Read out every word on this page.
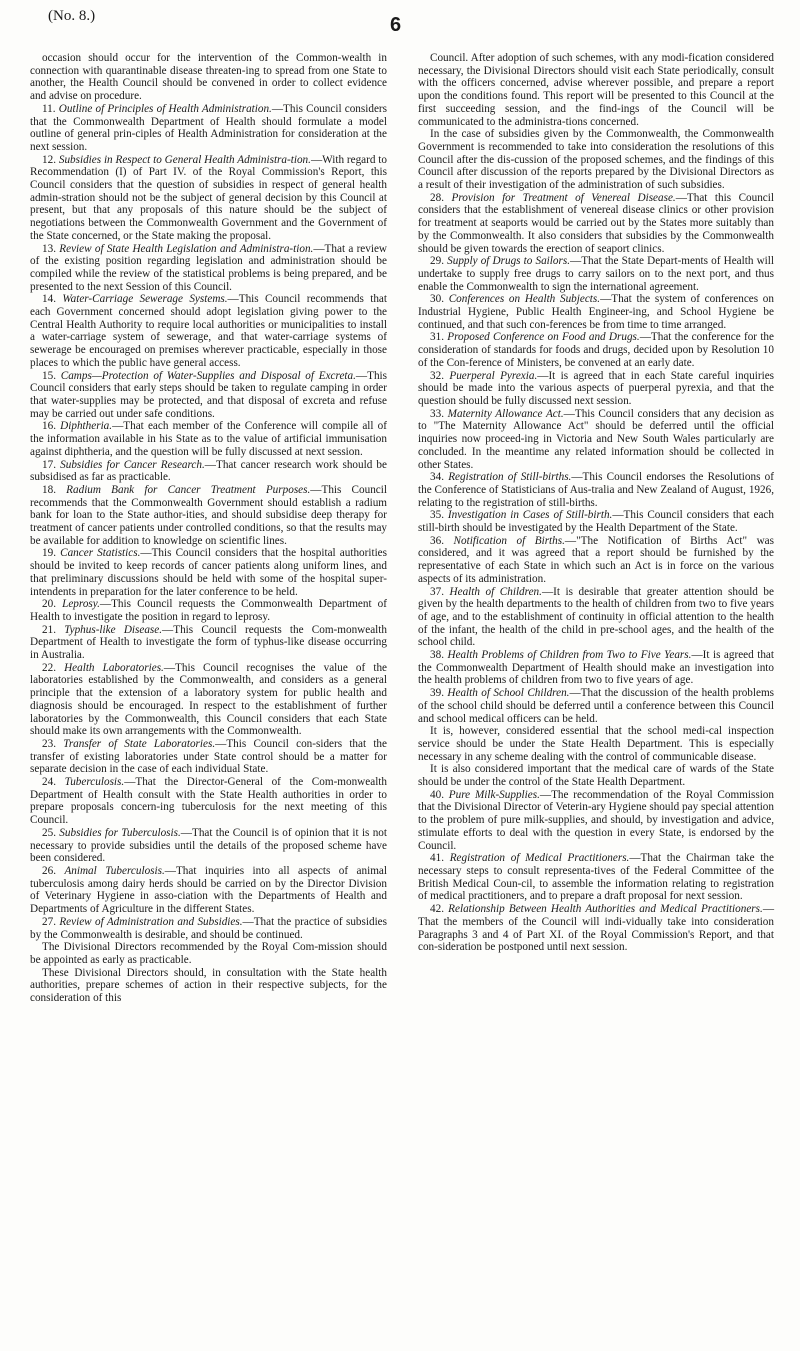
(No. 8.)	6

occasion should occur for the intervention of the Common-wealth in connection with quarantinable disease threaten-ing to spread from one State to another, the Health Council should be convened in order to collect evidence and advise on procedure.

11. Outline of Principles of Health Administration.—This Council considers that the Commonwealth Department of Health should formulate a model outline of general prin-ciples of Health Administration for consideration at the next session.

12. Subsidies in Respect to General Health Administra-tion.—With regard to Recommendation (I) of Part IV. of the Royal Commission's Report, this Council considers that the question of subsidies in respect of general health admin-stration should not be the subject of general decision by this Council at present, but that any proposals of this nature should be the subject of negotiations between the Commonwealth Government and the Government of the State concerned, or the State making the proposal.

13. Review of State Health Legislation and Administra-tion.—That a review of the existing position regarding legislation and administration should be compiled while the review of the statistical problems is being prepared, and be presented to the next Session of this Council.

14. Water-Carriage Sewerage Systems.—This Council recommends that each Government concerned should adopt legislation giving power to the Central Health Authority to require local authorities or municipalities to install a water-carriage system of sewerage, and that water-carriage systems of sewerage be encouraged on premises wherever practicable, especially in those places to which the public have general access.

15. Camps—Protection of Water-Supplies and Disposal of Excreta.—This Council considers that early steps should be taken to regulate camping in order that water-supplies may be protected, and that disposal of excreta and refuse may be carried out under safe conditions.

16. Diphtheria.—That each member of the Conference will compile all of the information available in his State as to the value of artificial immunisation against diphtheria, and the question will be fully discussed at next session.

17. Subsidies for Cancer Research.—That cancer research work should be subsidised as far as practicable.

18. Radium Bank for Cancer Treatment Purposes.—This Council recommends that the Commonwealth Government should establish a radium bank for loan to the State author-ities, and should subsidise deep therapy for treatment of cancer patients under controlled conditions, so that the results may be available for addition to knowledge on scientific lines.

19. Cancer Statistics.—This Council considers that the hospital authorities should be invited to keep records of cancer patients along uniform lines, and that preliminary discussions should be held with some of the hospital super-intendents in preparation for the later conference to be held.

20. Leprosy.—This Council requests the Commonwealth Department of Health to investigate the position in regard to leprosy.

21. Typhus-like Disease.—This Council requests the Com-monwealth Department of Health to investigate the form of typhus-like disease occurring in Australia.

22. Health Laboratories.—This Council recognises the value of the laboratories established by the Commonwealth, and considers as a general principle that the extension of a laboratory system for public health and diagnosis should be encouraged. In respect to the establishment of further laboratories by the Commonwealth, this Council considers that each State should make its own arrangements with the Commonwealth.

23. Transfer of State Laboratories.—This Council con-siders that the transfer of existing laboratories under State control should be a matter for separate decision in the case of each individual State.

24. Tuberculosis.—That the Director-General of the Com-monwealth Department of Health consult with the State Health authorities in order to prepare proposals concern-ing tuberculosis for the next meeting of this Council.

25. Subsidies for Tuberculosis.—That the Council is of opinion that it is not necessary to provide subsidies until the details of the proposed scheme have been considered.

26. Animal Tuberculosis.—That inquiries into all aspects of animal tuberculosis among dairy herds should be carried on by the Director Division of Veterinary Hygiene in asso-ciation with the Departments of Health and Departments of Agriculture in the different States.

27. Review of Administration and Subsidies.—That the practice of subsidies by the Commonwealth is desirable, and should be continued.

The Divisional Directors recommended by the Royal Com-mission should be appointed as early as practicable.

These Divisional Directors should, in consultation with the State health authorities, prepare schemes of action in their respective subjects, for the consideration of this

Council. After adoption of such schemes, with any modi-fication considered necessary, the Divisional Directors should visit each State periodically, consult with the officers concerned, advise wherever possible, and prepare a report upon the conditions found. This report will be presented to this Council at the first succeeding session, and the find-ings of the Council will be communicated to the administra-tions concerned.

In the case of subsidies given by the Commonwealth, the Commonwealth Government is recommended to take into consideration the resolutions of this Council after the dis-cussion of the proposed schemes, and the findings of this Council after discussion of the reports prepared by the Divisional Directors as a result of their investigation of the administration of such subsidies.

28. Provision for Treatment of Venereal Disease.—That this Council considers that the establishment of venereal disease clinics or other provision for treatment at seaports would be carried out by the States more suitably than by the Commonwealth. It also considers that subsidies by the Commonwealth should be given towards the erection of seaport clinics.

29. Supply of Drugs to Sailors.—That the State Depart-ments of Health will undertake to supply free drugs to carry sailors on to the next port, and thus enable the Commonwealth to sign the international agreement.

30. Conferences on Health Subjects.—That the system of conferences on Industrial Hygiene, Public Health Engineer-ing, and School Hygiene be continued, and that such con-ferences be from time to time arranged.

31. Proposed Conference on Food and Drugs.—That the conference for the consideration of standards for foods and drugs, decided upon by Resolution 10 of the Con-ference of Ministers, be convened at an early date.

32. Puerperal Pyrexia.—It is agreed that in each State careful inquiries should be made into the various aspects of puerperal pyrexia, and that the question should be fully discussed next session.

33. Maternity Allowance Act.—This Council considers that any decision as to "The Maternity Allowance Act" should be deferred until the official inquiries now proceed-ing in Victoria and New South Wales particularly are concluded. In the meantime any related information should be collected in other States.

34. Registration of Still-births.—This Council endorses the Resolutions of the Conference of Statisticians of Aus-tralia and New Zealand of August, 1926, relating to the registration of still-births.

35. Investigation in Cases of Still-birth.—This Council considers that each still-birth should be investigated by the Health Department of the State.

36. Notification of Births.—"The Notification of Births Act" was considered, and it was agreed that a report should be furnished by the representative of each State in which such an Act is in force on the various aspects of its administration.

37. Health of Children.—It is desirable that greater attention should be given by the health departments to the health of children from two to five years of age, and to the establishment of continuity in official attention to the health of the infant, the health of the child in pre-school ages, and the health of the school child.

38. Health Problems of Children from Two to Five Years.—It is agreed that the Commonwealth Department of Health should make an investigation into the health problems of children from two to five years of age.

39. Health of School Children.—That the discussion of the health problems of the school child should be deferred until a conference between this Council and school medical officers can be held.

It is, however, considered essential that the school medi-cal inspection service should be under the State Health Department. This is especially necessary in any scheme dealing with the control of communicable disease.

It is also considered important that the medical care of wards of the State should be under the control of the State Health Department.

40. Pure Milk-Supplies.—The recommendation of the Royal Commission that the Divisional Director of Veterin-ary Hygiene should pay special attention to the problem of pure milk-supplies, and should, by investigation and advice, stimulate efforts to deal with the question in every State, is endorsed by the Council.

41. Registration of Medical Practitioners.—That the Chairman take the necessary steps to consult representa-tives of the Federal Committee of the British Medical Coun-cil, to assemble the information relating to registration of medical practitioners, and to prepare a draft proposal for next session.

42. Relationship Between Health Authorities and Medical Practitioners.—That the members of the Council will indi-vidually take into consideration Paragraphs 3 and 4 of Part XI. of the Royal Commission's Report, and that con-sideration be postponed until next session.
